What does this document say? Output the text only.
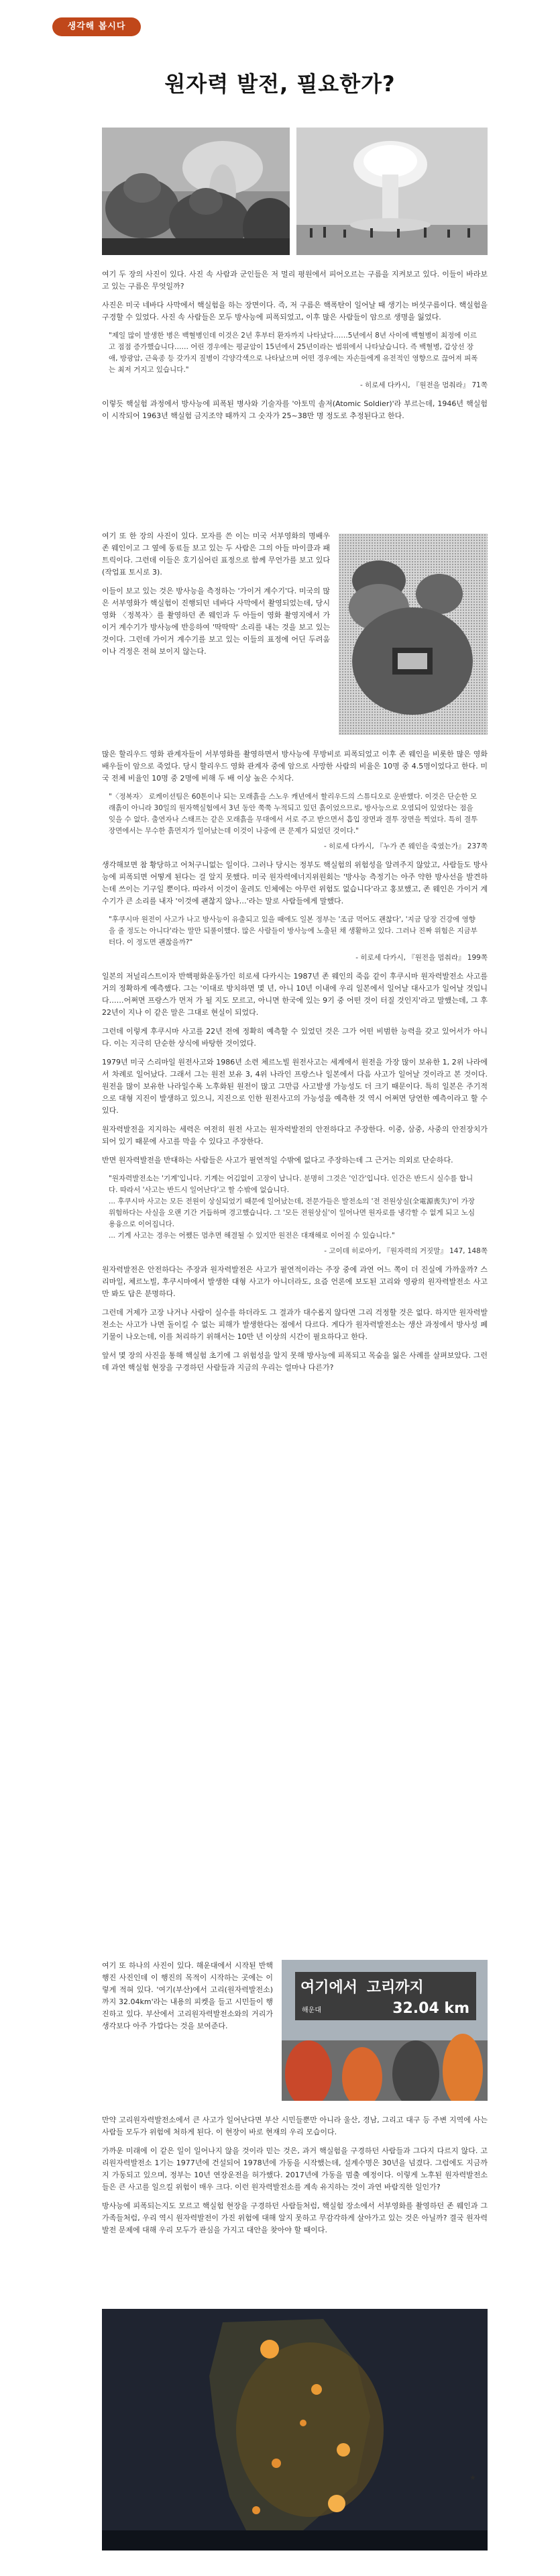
생각해 봅시다
원자력 발전, 필요한가?

여기 두 장의 사진이 있다. 사진 속 사람과 군인들은 저 멀리 평원에서 피어오르는 구름을 지켜보고 있다. 이들이 바라보고 있는 구름은 무엇일까?

사진은 미국 네바다 사막에서 핵실험을 하는 장면이다. 즉, 저 구름은 핵폭탄이 일어날 때 생기는 버섯구름이다. 핵실험을 구경할 수 있었다. 사진 속 사람들은 모두 방사능에 피폭되었고, 이후 많은 사람들이 암으로 생명을 잃었다.

"제일 많이 발생한 병은 백혈병인데 이것은 2년 후부터 환자까지 나타났다……5년에서 8년 사이에 백혈병이 최정에 이르고 점점 증가했습니다…… 어린 경우에는 평균암이 15년에서 25년이라는 범위에서 나타났습니다. 즉 백혈병, 갑상선 장애, 방광암, 근육종 등 갖가지 질병이 각양각색으로 나타났으며 어떤 경우에는 자손들에게 유전적인 영향으로 끊어져 피폭는 최저 거지고 있습니다."

- 히로세 다카시, 『원전을 멈춰라』 71쪽

이렇듯 핵실험 과정에서 방사능에 피폭된 병사와 기술자를 '아토믹 솔저(Atomic Soldier)'라 부르는데, 1946년 핵실험이 시작되어 1963년 핵실험 금지조약 때까지 그 숫자가 25~38만 명 정도로 추정된다고 한다.

여기 또 한 장의 사진이 있다. 모자를 쓴 이는 미국 서부영화의 명배우 존 웨인이고 그 옆에 동료들 보고 있는 두 사람은 그의 아들 마이클과 패트릭이다. 그런데 이들은 호기심어린 표정으로 함께 무언가를 보고 있다(작업표 토시로 3).

이들이 보고 있는 것은 방사능을 측정하는 '가이거 계수기'다. 미국의 많은 서부영화가 핵실험이 진행되던 네바다 사막에서 촬영되었는데, 당시 영화 〈정복자〉를 촬영하던 존 웨인과 두 아들이 영화 촬영지에서 가이거 계수기가 방사능에 반응하여 '딱딱딱' 소리를 내는 것을 보고 있는 것이다. 그런데 가이거 계수기를 보고 있는 이들의 표정에 어딘 두려움이나 걱정은 전혀 보이지 않는다.

많은 할리우드 영화 관계자들이 서부영화를 촬영하면서 방사능에 무방비로 피폭되었고 이후 존 웨인을 비롯한 많은 영화배우들이 암으로 죽었다. 당시 할리우드 영화 관계자 중에 암으로 사망한 사람의 비율은 10명 중 4.5명이었다고 한다. 미국 전체 비율인 10명 중 2명에 비해 두 배 이상 높은 수치다.

"〈정복자〉 로케이션팀은 60톤이나 되는 모래흙을 스노우 캐년에서 할리우드의 스튜디오로 운반했다. 이것은 단순한 모래흙이 아니라 30일의 원자핵실험에서 3년 동안 쭉쭉 누적되고 있던 흙이었으므로, 방사능으로 오염되어 있었다는 점을 잊을 수 없다. 출연자나 스태프는 같은 모래흙을 무대에서 서로 주고 받으면서 흡입 장면과 결투 장면을 찍었다. 특히 결투 장면에서는 무수한 흙먼지가 일어났는데 이것이 나중에 큰 문제가 되었던 것이다."

- 히로세 다카시, 『누가 존 웨인을 죽였는가』 237쪽

생각해보면 참 황당하고 어처구니없는 일이다. 그러나 당시는 정부도 핵실험의 위험성을 알려주지 않았고, 사람들도 방사능에 피폭되면 어떻게 된다는 걸 알지 못했다. 미국 원자력에너지위원회는 '방사능 측정기는 아주 약한 방사선을 발견하는데 쓰이는 기구일 뿐이다. 따라서 이것이 울려도 인체에는 아무런 위험도 없습니다'라고 홍보했고, 존 웨인은 가이거 계수기가 큰 소리를 내자 '이것에 괜찮지 않나…'라는 말로 사람들에게 말했다.

"후쿠시마 원전이 사고가 나고 방사능이 유출되고 있을 때에도 일본 정부는 '조금 먹어도 괜찮다', '지금 당장 건강에 영향을 줄 정도는 아니다'라는 말만 되풀이했다. 많은 사람들이 방사능에 노출된 채 생활하고 있다. 그러나 진짜 위험은 지금부터다. 이 정도면 괜찮을까?"

- 히로세 다카시, 『원전을 멈춰라』 199쪽

일본의 저널리스트이자 반핵평화운동가인 히로세 다카시는 1987년 존 웨인의 죽음 같이 후쿠시마 원자력발전소 사고를 거의 정확하게 예측했다. 그는 '이대로 방치하면 몇 년, 아니 10년 이내에 우리 일본에서 일어날 대사고가 일어날 것입니다……어쩌면 프랑스가 먼저 가 될 지도 모르고, 아니면 한국에 있는 9기 중 어떤 것이 터질 것인지'라고 말했는데, 그 후 22년이 지나 이 같은 말은 그대로 현실이 되었다.

그런데 이렇게 후쿠시마 사고를 22년 전에 정확히 예측할 수 있었던 것은 그가 어떤 비범한 능력을 갖고 있어서가 아니다. 이는 지극히 단순한 상식에 바탕한 것이었다.

1979년 미국 스리마일 원전사고와 1986년 소련 체르노빌 원전사고는 세계에서 원전을 가장 많이 보유한 1, 2위 나라에서 차례로 일어났다. 그래서 그는 원전 보유 3, 4위 나라인 프랑스나 일본에서 다음 사고가 일어날 것이라고 본 것이다. 원전을 많이 보유한 나라일수록 노후화된 원전이 많고 그만큼 사고발생 가능성도 더 크기 때문이다. 특히 일본은 주기적으로 대형 지진이 발생하고 있으니, 지진으로 인한 원전사고의 가능성을 예측한 것 역시 어쩌면 당연한 예측이라고 할 수 있다.

원자력발전을 지지하는 세력은 여전히 원전 사고는 원자력발전의 안전하다고 주장한다. 이중, 삼중, 사중의 안전장치가 되어 있기 때문에 사고를 막을 수 있다고 주장한다.

반면 원자력발전을 반대하는 사람들은 사고가 필연적일 수밖에 없다고 주장하는데 그 근거는 의외로 단순하다.

"원자력발전소는 '기계'입니다. 기계는 어김없이 고장이 납니다. 분명히 그것은 '인간'입니다. 인간은 반드시 실수를 합니다. 따라서 '사고는 반드시 일어난다'고 할 수밖에 없습니다.
... 후쿠시마 사고는 모든 전원이 상실되었기 때문에 일어났는데, 전문가들은 발전소의 '전 전원상실(全電源喪失)'이 가장 위험하다는 사실을 오랜 기간 거듭하며 경고했습니다. 그 '모든 전원상실'이 일어나면 원자로를 냉각할 수 없게 되고 노심 용융으로 이어집니다.
... 기계 사고는 경우는 어쨌든 멈추면 해결될 수 있지만 원전은 대재해로 이어질 수 있습니다."

- 고이데 히로아키, 『원자력의 거짓말』 147, 148쪽

원자력발전은 안전하다는 주장과 원자력발전은 사고가 필연적이라는 주장 중에 과연 어느 쪽이 더 진실에 가까울까? 스리마일, 체르노빌, 후쿠시마에서 발생한 대형 사고가 아니더라도, 요즘 언론에 보도된 고리와 영광의 원자력발전소 사고만 봐도 답은 분명하다.

그런데 거제가 고장 나거나 사람이 실수를 하더라도 그 결과가 대수롭지 않다면 그리 걱정할 것은 없다. 하지만 원자력발전소는 사고가 나면 돌이킬 수 없는 피해가 발생한다는 점에서 다르다. 게다가 원자력발전소는 생산 과정에서 방사성 폐기물이 나오는데, 이를 처리하기 위해서는 10만 년 이상의 시간이 필요하다고 한다.

앞서 몇 장의 사진을 통해 핵실험 초기에 그 위험성을 알지 못해 방사능에 피폭되고 목숨을 잃은 사례를 살펴보았다. 그런데 과연 핵실험 현장을 구경하던 사람들과 지금의 우리는 얼마나 다른가?

여기 또 하나의 사진이 있다. 해운대에서 시작된 반핵 행진 사진인데 이 행진의 목적이 시작하는 곳에는 이렇게 적혀 있다. '여기(부산)에서 고리(원자력발전소)까지 32.04km'라는 내용의 피켓을 들고 시민들이 행진하고 있다. 부산에서 고리원자력발전소와의 거리가 생각보다 아주 가깝다는 것을 보여준다.

여기에서 고리까지
32.04 km
해운대

만약 고리원자력발전소에서 큰 사고가 일어난다면 부산 시민들뿐만 아니라 울산, 경남, 그리고 대구 등 주변 지역에 사는 사람들 모두가 위험에 처하게 된다. 이 현장이 바로 현재의 우리 모습이다.

가까운 미래에 이 같은 일이 일어나지 않을 것이라 믿는 것은, 과거 핵실험을 구경하던 사람들과 그다지 다르지 않다. 고리원자력발전소 1기는 1977년에 건설되어 1978년에 가동을 시작했는데, 설계수명은 30년을 넘겼다. 그럼에도 지금까지 가동되고 있으며, 정부는 10년 연장운전을 허가했다. 2017년에 가동을 멈출 예정이다. 이렇게 노후된 원자력발전소들은 큰 사고를 일으킬 위험이 매우 크다. 이런 원자력발전소를 계속 유지하는 것이 과연 바람직한 일인가?

방사능에 피폭되는지도 모르고 핵실험 현장을 구경하던 사람들처럼, 핵실험 장소에서 서부영화를 촬영하던 존 웨인과 그 가족들처럼, 우리 역시 원자력발전이 가진 위험에 대해 알지 못하고 무감각하게 살아가고 있는 것은 아닐까? 결국 원자력발전 문제에 대해 우리 모두가 관심을 가지고 대안을 찾아야 할 때이다.

★
